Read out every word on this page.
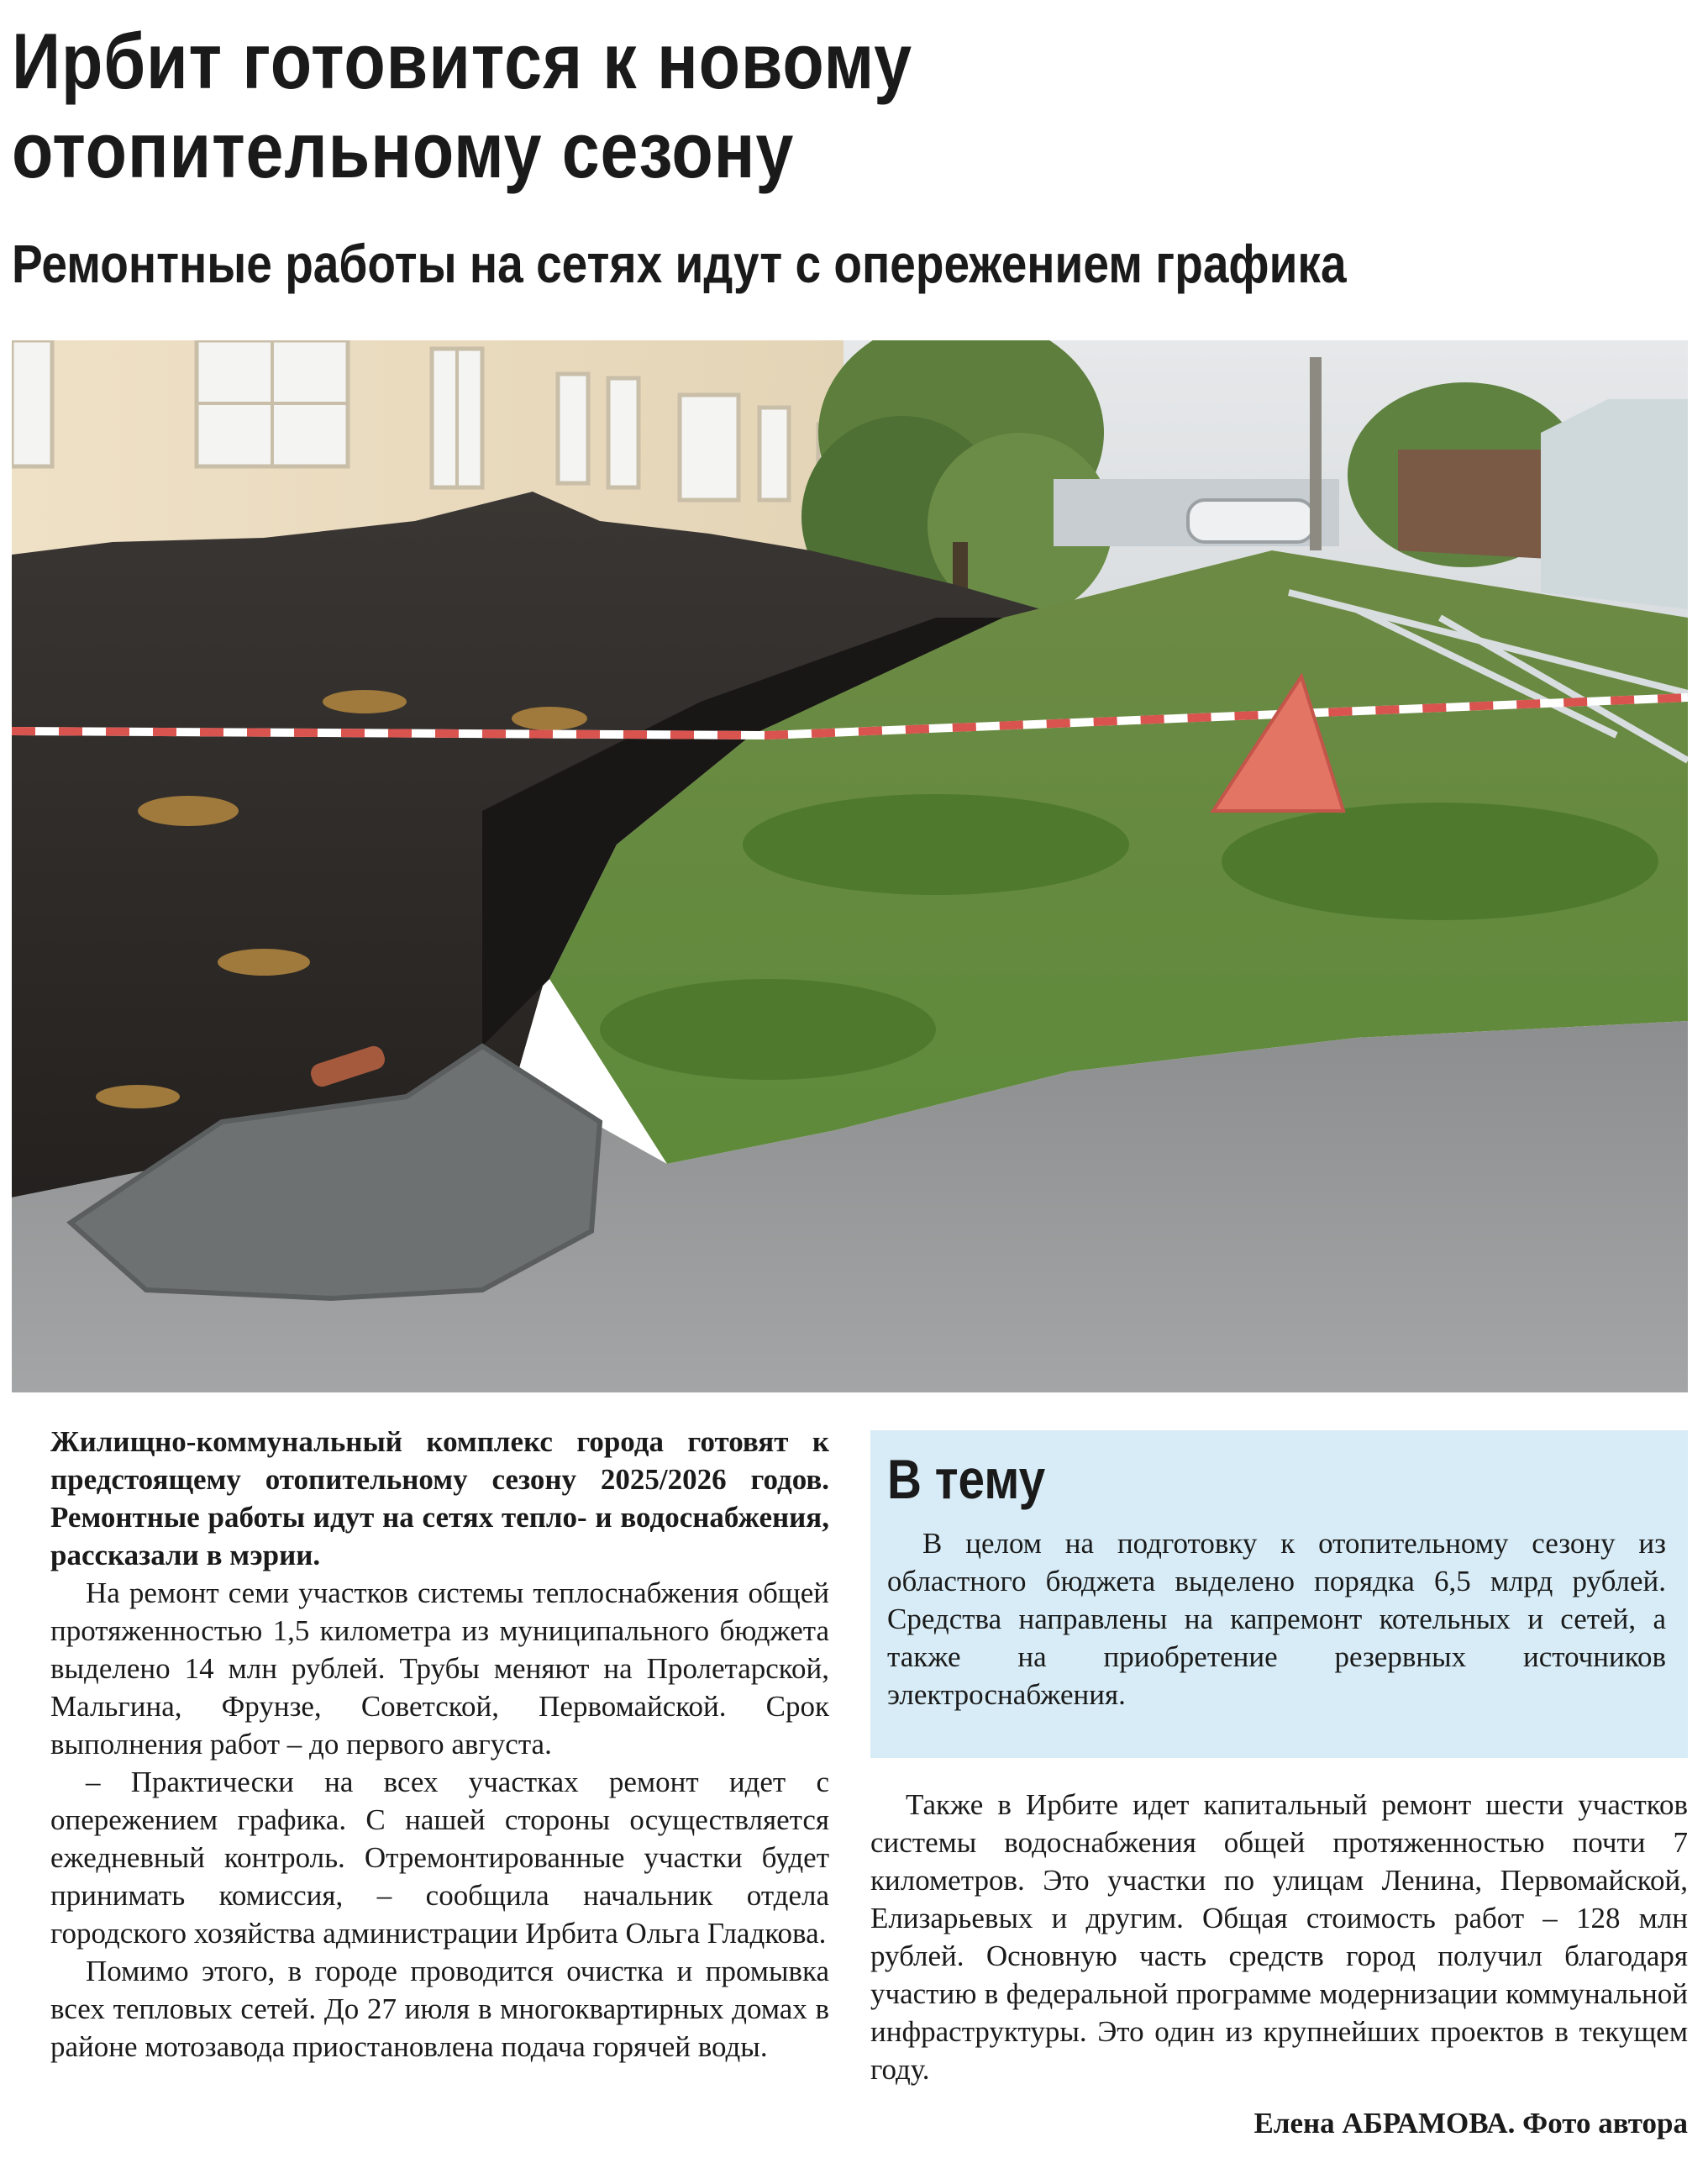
Ирбит готовится к новому
отопительному сезону
Ремонтные работы на сетях идут с опережением графика

Жилищно-коммунальный комплекс города готовят к предстоящему отопительному сезону 2025/2026 годов. Ремонтные работы идут на сетях тепло- и водоснабжения, рассказали в мэрии.

На ремонт семи участков системы теплоснабжения общей протяженностью 1,5 километра из муниципального бюджета выделено 14 млн рублей. Трубы меняют на Пролетарской, Мальгина, Фрунзе, Советской, Первомайской. Срок выполнения работ – до первого августа.

– Практически на всех участках ремонт идет с опережением графика. С нашей стороны осуществляется ежедневный контроль. Отремонтированные участки будет принимать комиссия, – сообщила начальник отдела городского хозяйства администрации Ирбита Ольга Гладкова.

Помимо этого, в городе проводится очистка и промывка всех тепловых сетей. До 27 июля в многоквартирных домах в районе мотозавода приостановлена подача горячей воды.

В тему

В целом на подготовку к отопительному сезону из областного бюджета выделено порядка 6,5 млрд рублей. Средства направлены на капремонт котельных и сетей, а также на приобретение резервных источников электроснабжения.

Также в Ирбите идет капитальный ремонт шести участков системы водоснабжения общей протяженностью почти 7 километров. Это участки по улицам Ленина, Первомайской, Елизарьевых и другим. Общая стоимость работ – 128 млн рублей. Основную часть средств город получил благодаря участию в федеральной программе модернизации коммунальной инфраструктуры. Это один из крупнейших проектов в текущем году.

Елена АБРАМОВА. Фото автора
